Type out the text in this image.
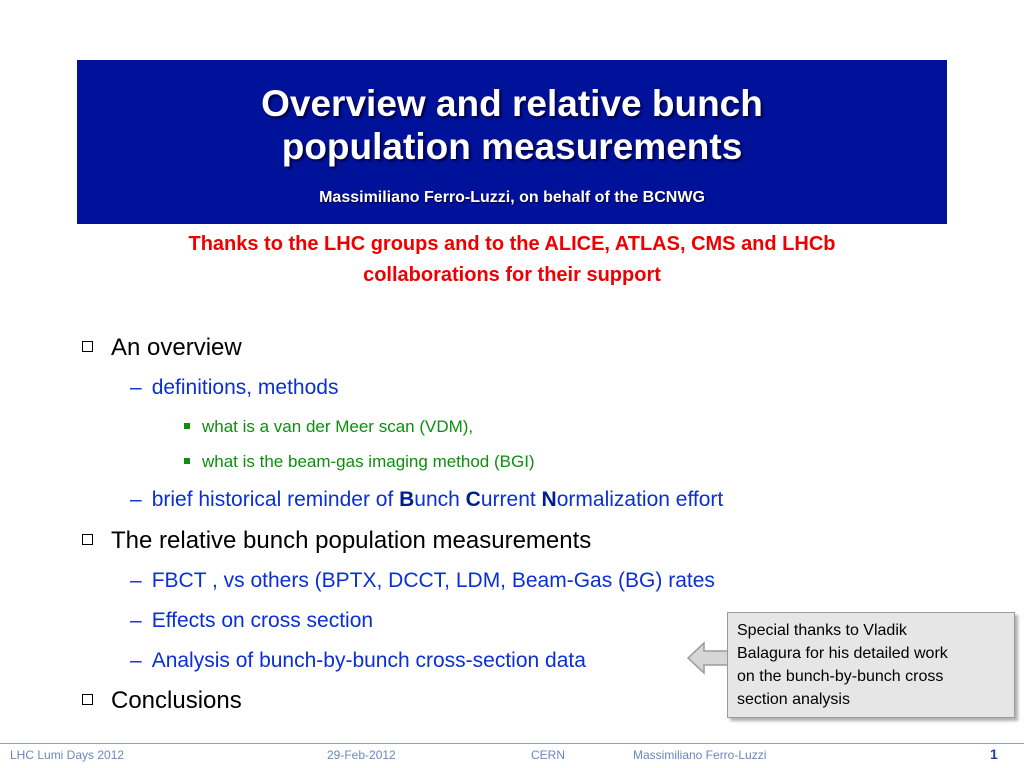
Overview and relative bunch
population measurements
Massimiliano Ferro-Luzzi, on behalf of the BCNWG
Thanks to the LHC groups and to the ALICE, ATLAS, CMS and LHCb
collaborations for their support
An overview
– definitions, methods
what is a van der Meer scan (VDM),
what is the beam-gas imaging method (BGI)
– brief historical reminder of Bunch Current Normalization effort
The relative bunch population measurements
– FBCT , vs others (BPTX, DCCT, LDM, Beam-Gas (BG) rates
– Effects on cross section
– Analysis of bunch-by-bunch cross-section data
Conclusions
Special thanks to Vladik
Balagura for his detailed work
on the bunch-by-bunch cross
section analysis
LHC Lumi Days 2012	29-Feb-2012	CERN	Massimiliano Ferro-Luzzi	1
